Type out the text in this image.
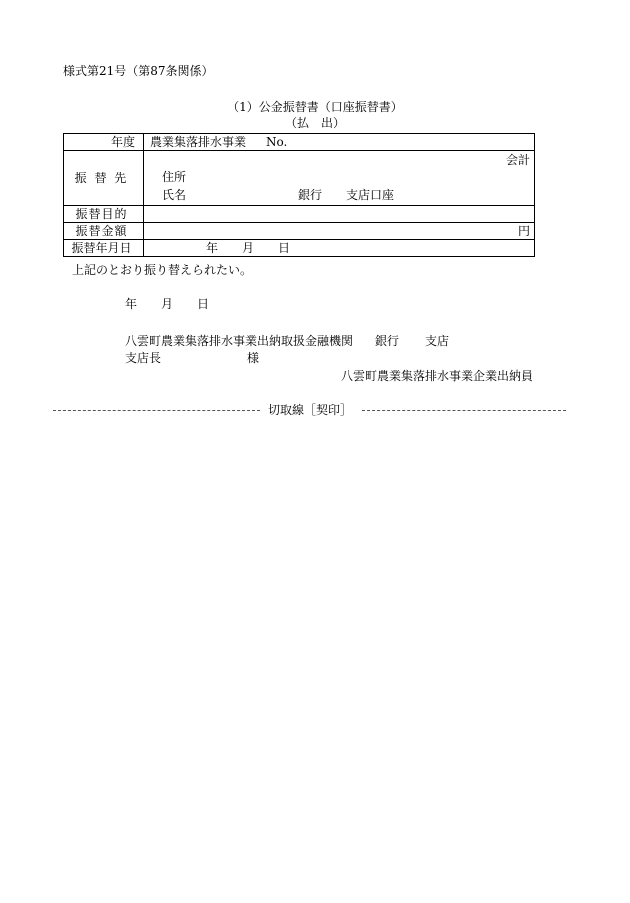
様式第21号（第87条関係）
（1）公金振替書（口座振替書）
（払　出）
年度	農業集落排水事業 No.
振 替 先	会計
住所
氏名 銀行 支店口座

振替目的	
振替金額	円
振替年月日	年 月 日
上記のとおり振り替えられたい。
年 月 日
八雲町農業集落排水事業出納取扱金融機関 銀行 支店
支店長	様
八雲町農業集落排水事業企業出納員
切取線［契印］
